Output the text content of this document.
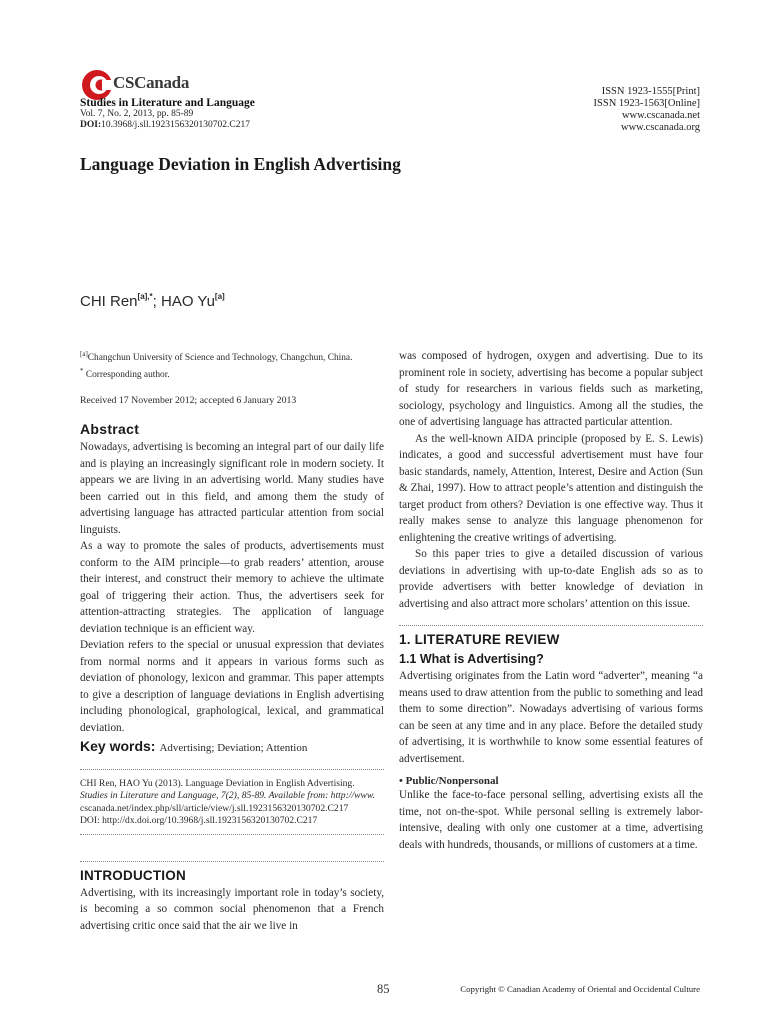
CSCanada
Studies in Literature and Language
Vol. 7, No. 2, 2013, pp. 85-89
DOI:10.3968/j.sll.1923156320130702.C217
ISSN 1923-1555[Print]
ISSN 1923-1563[Online]
www.cscanada.net
www.cscanada.org
Language Deviation in English Advertising
CHI Ren$^{[a],*}$; HAO Yu[a]

[a]Changchun University of Science and Technology, Changchun, China.

* Corresponding author.

Received 17 November 2012; accepted 6 January 2013

Abstract

Nowadays, advertising is becoming an integral part of our daily life and is playing an increasingly significant role in modern society. It appears we are living in an advertising world. Many studies have been carried out in this field, and among them the study of advertising language has attracted particular attention from social linguists.

As a way to promote the sales of products, advertisements must conform to the AIM principle—to grab readers’ attention, arouse their interest, and construct their memory to achieve the ultimate goal of triggering their action. Thus, the advertisers seek for attention-attracting strategies. The application of language deviation technique is an efficient way.

Deviation refers to the special or unusual expression that deviates from normal norms and it appears in various forms such as deviation of phonology, lexicon and grammar. This paper attempts to give a description of language deviations in English advertising including phonological, graphological, lexical, and grammatical deviation.

Key words: Advertising; Deviation; Attention

CHI Ren, HAO Yu (2013). Language Deviation in English Advertising.
Studies in Literature and Language, 7(2), 85-89. Available from: http://www.
cscanada.net/index.php/sll/article/view/j.sll.1923156320130702.C217
DOI: http://dx.doi.org/10.3968/j.sll.1923156320130702.C217
INTRODUCTION

Advertising, with its increasingly important role in today’s society, is becoming a so common social phenomenon that a French advertising critic once said that the air we live in

was composed of hydrogen, oxygen and advertising. Due to its prominent role in society, advertising has become a popular subject of study for researchers in various fields such as marketing, sociology, psychology and linguistics. Among all the studies, the one of advertising language has attracted particular attention.

As the well-known AIDA principle (proposed by E. S. Lewis) indicates, a good and successful advertisement must have four basic standards, namely, Attention, Interest, Desire and Action (Sun & Zhai, 1997). How to attract people’s attention and distinguish the target product from others? Deviation is one effective way. Thus it really makes sense to analyze this language phenomenon for enlightening the creative writings of advertising.

So this paper tries to give a detailed discussion of various deviations in advertising with up-to-date English ads so as to provide advertisers with better knowledge of deviation in advertising and also attract more scholars’ attention on this issue.

1. LITERATURE REVIEW
1.1 What is Advertising?

Advertising originates from the Latin word “adverter”, meaning “a means used to draw attention from the public to something and lead them to some direction”. Nowadays advertising of various forms can be seen at any time and in any place. Before the detailed study of advertising, it is worthwhile to know some essential features of advertisement.

• Public/Nonpersonal

Unlike the face-to-face personal selling, advertising exists all the time, not on-the-spot. While personal selling is extremely labor-intensive, dealing with only one customer at a time, advertising deals with hundreds, thousands, or millions of customers at a time.

85	Copyright © Canadian Academy of Oriental and Occidental Culture
